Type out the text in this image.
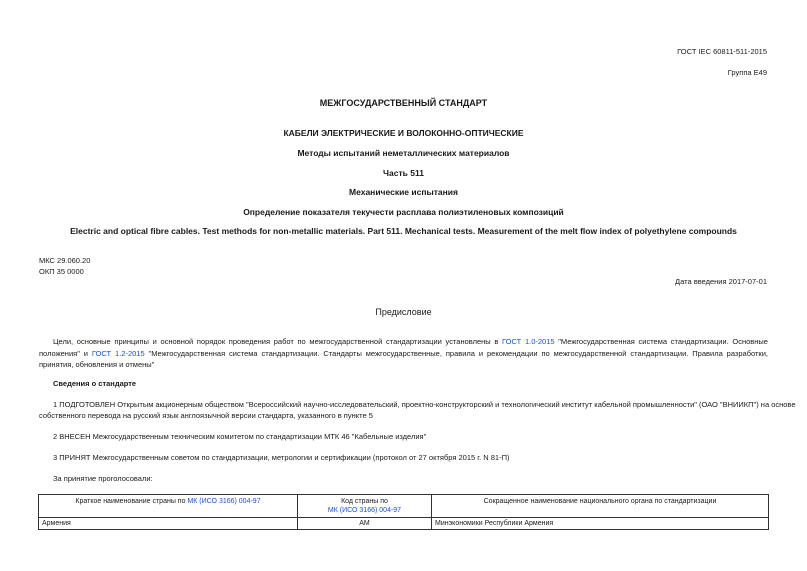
ГОСТ IEC 60811-511-2015
Группа Е49
МЕЖГОСУДАРСТВЕННЫЙ СТАНДАРТ
КАБЕЛИ ЭЛЕКТРИЧЕСКИЕ И ВОЛОКОННО-ОПТИЧЕСКИЕ
Методы испытаний неметаллических материалов
Часть 511
Механические испытания
Определение показателя текучести расплава полиэтиленовых композиций
Electric and optical fibre cables. Test methods for non-metallic materials. Part 511. Mechanical tests. Measurement of the melt flow index of polyethylene compounds
МКС 29.060.20
ОКП 35 0000
Дата введения 2017-07-01
Предисловие
Цели, основные принципы и основной порядок проведения работ по межгосударственной стандартизации установлены в ГОСТ 1.0-2015 "Межгосударственная система стандартизации. Основные положения" и ГОСТ 1.2-2015 "Межгосударственная система стандартизации. Стандарты межгосударственные, правила и рекомендации по межгосударственной стандартизации. Правила разработки, принятия, обновления и отмены"
Сведения о стандарте
1 ПОДГОТОВЛЕН Открытым акционерным обществом "Всероссийский научно-исследовательский, проектно-конструкторский и технологический институт кабельной промышленности" (ОАО "ВНИИКП") на основе
собственного перевода на русский язык англоязычной версии стандарта, указанного в пункте 5
2 ВНЕСЕН Межгосударственным техническим комитетом по стандартизации МТК 46 "Кабельные изделия"
3 ПРИНЯТ Межгосударственным советом по стандартизации, метрологии и сертификации (протокол от 27 октября 2015 г. N 81-П)
За принятие проголосовали:
Краткое наименование страны по МК (ИСО 3166) 004-97	Код страны по
МК (ИСО 3166) 004-97	Сокращенное наименование национального органа по стандартизации
Армения	AM	Минэкономики Республики Армения
